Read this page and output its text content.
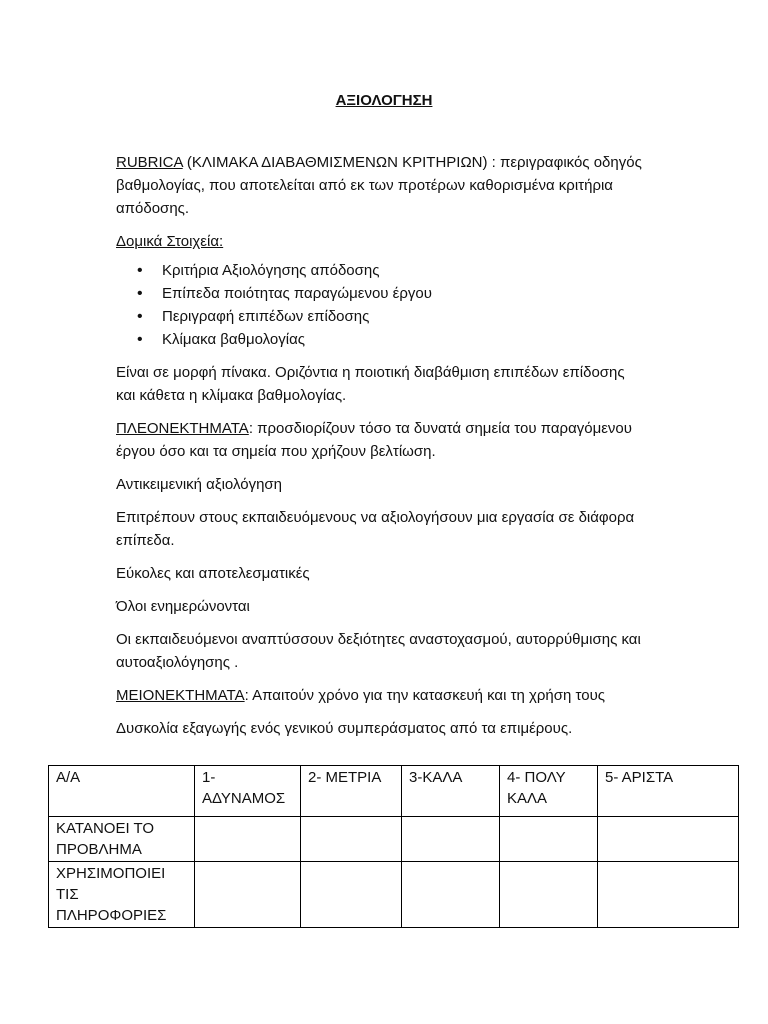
ΑΞΙΟΛΟΓΗΣΗ

RUBRICA (ΚΛΙΜΑΚΑ ΔΙΑΒΑΘΜΙΣΜΕΝΩΝ ΚΡΙΤΗΡΙΩΝ) : περιγραφικός οδηγός βαθμολογίας, που αποτελείται από εκ των προτέρων καθορισμένα κριτήρια απόδοσης.

Δομικά Στοιχεία:

• Κριτήρια Αξιολόγησης απόδοσης
• Επίπεδα ποιότητας παραγώμενου έργου
• Περιγραφή επιπέδων επίδοσης
• Κλίμακα βαθμολογίας

Είναι σε μορφή πίνακα. Οριζόντια η ποιοτική διαβάθμιση επιπέδων επίδοσης και κάθετα η κλίμακα βαθμολογίας.

ΠΛΕΟΝΕΚΤΗΜΑΤΑ: προσδιορίζουν τόσο τα δυνατά σημεία του παραγόμενου έργου όσο και τα σημεία που χρήζουν βελτίωση.

Αντικειμενική αξιολόγηση

Επιτρέπουν στους εκπαιδευόμενους να αξιολογήσουν μια εργασία σε διάφορα επίπεδα.

Εύκολες και αποτελεσματικές

Όλοι ενημερώνονται

Οι εκπαιδευόμενοι αναπτύσσουν δεξιότητες αναστοχασμού, αυτορρύθμισης και αυτοαξιολόγησης .

ΜΕΙΟΝΕΚΤΗΜΑΤΑ: Απαιτούν χρόνο για την κατασκευή και τη χρήση τους

Δυσκολία εξαγωγής ενός γενικού συμπεράσματος από τα επιμέρους.

Α/Α	1- ΑΔΥΝΑΜΟΣ	2- ΜΕΤΡΙΑ	3-ΚΑΛΑ	4- ΠΟΛΥ ΚΑΛΑ	5- ΑΡΙΣΤΑ
ΚΑΤΑΝΟΕΙ ΤΟ ΠΡΟΒΛΗΜΑ					
ΧΡΗΣΙΜΟΠΟΙΕΙ ΤΙΣ ΠΛΗΡΟΦΟΡΙΕΣ					
